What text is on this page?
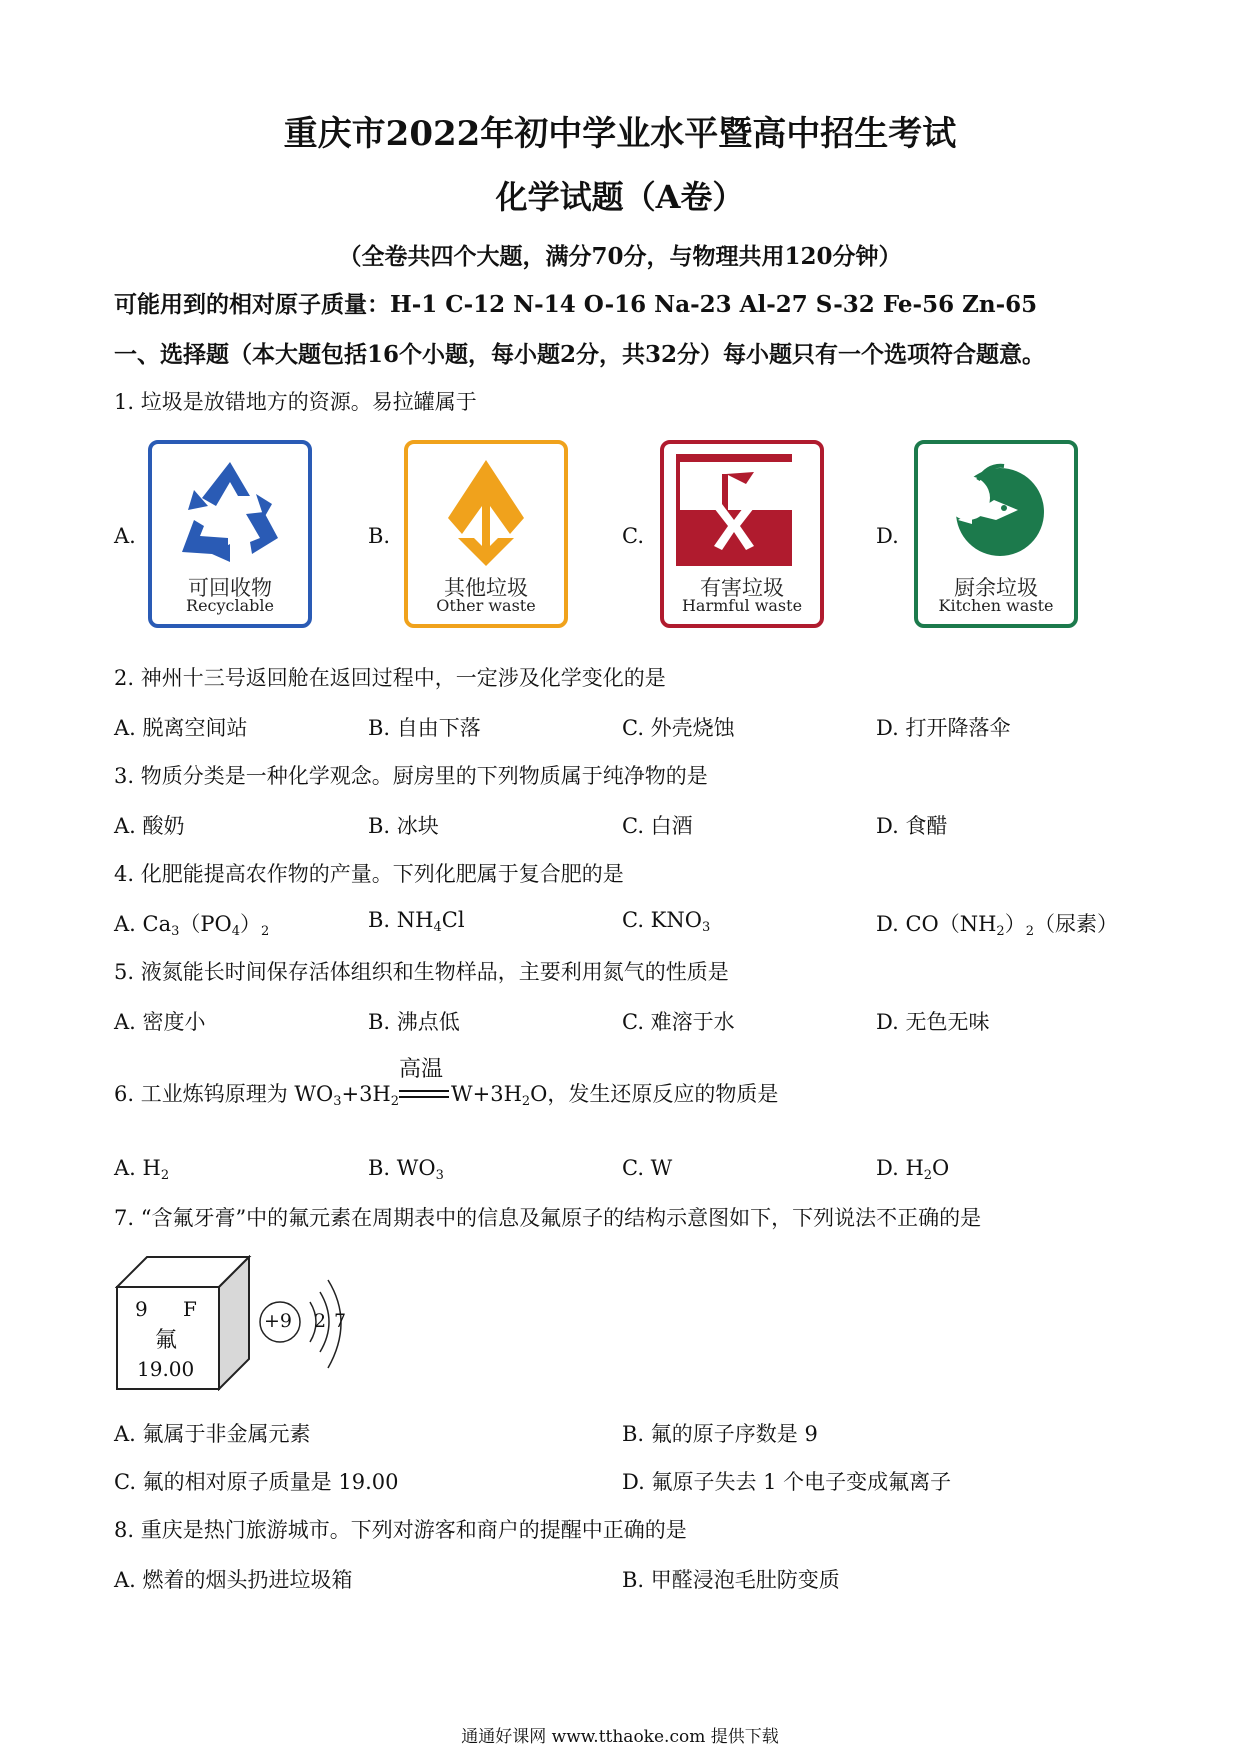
重庆市2022年初中学业水平暨高中招生考试
化学试题（A卷）
（全卷共四个大题，满分70分，与物理共用120分钟）
可能用到的相对原子质量：H-1 C-12 N-14 O-16 Na-23 Al-27 S-32 Fe-56 Zn-65
一、选择题（本大题包括16个小题，每小题2分，共32分）每小题只有一个选项符合题意。
1. 垃圾是放错地方的资源。易拉罐属于
A.
可回收物
Recyclable
B.
其他垃圾
Other waste
C.
有害垃圾
Harmful waste
D.
厨余垃圾
Kitchen waste
2. 神州十三号返回舱在返回过程中，一定涉及化学变化的是
A. 脱离空间站	B. 自由下落	C. 外壳烧蚀	D. 打开降落伞
3. 物质分类是一种化学观念。厨房里的下列物质属于纯净物的是
A. 酸奶	B. 冰块	C. 白酒	D. 食醋
4. 化肥能提高农作物的产量。下列化肥属于复合肥的是
A. $Ca_3(PO_4)_2$	B. $NH_4Cl$	C. $KNO_3$	D. $CO(NH_2)_2$（尿素）
5. 液氮能长时间保存活体组织和生物样品，主要利用氮气的性质是
A. 密度小	B. 沸点低	C. 难溶于水	D. 无色无味
6. 工业炼钨原理为 $WO_3+3H_2$
高温
$W+3H_2O$，发生还原反应的物质是
A. $H_2$	B. $WO_3$	C. W	D. $H_2O$
7. “含氟牙膏”中的氟元素在周期表中的信息及氟原子的结构示意图如下，下列说法不正确的是
9 F
氟
19.00
+9 2 7
A. 氟属于非金属元素	B. 氟的原子序数是 9
C. 氟的相对原子质量是 19.00	D. 氟原子失去 1 个电子变成氟离子
8. 重庆是热门旅游城市。下列对游客和商户的提醒中正确的是
A. 燃着的烟头扔进垃圾箱	B. 甲醛浸泡毛肚防变质
通通好课网 www.tthaoke.com 提供下载
